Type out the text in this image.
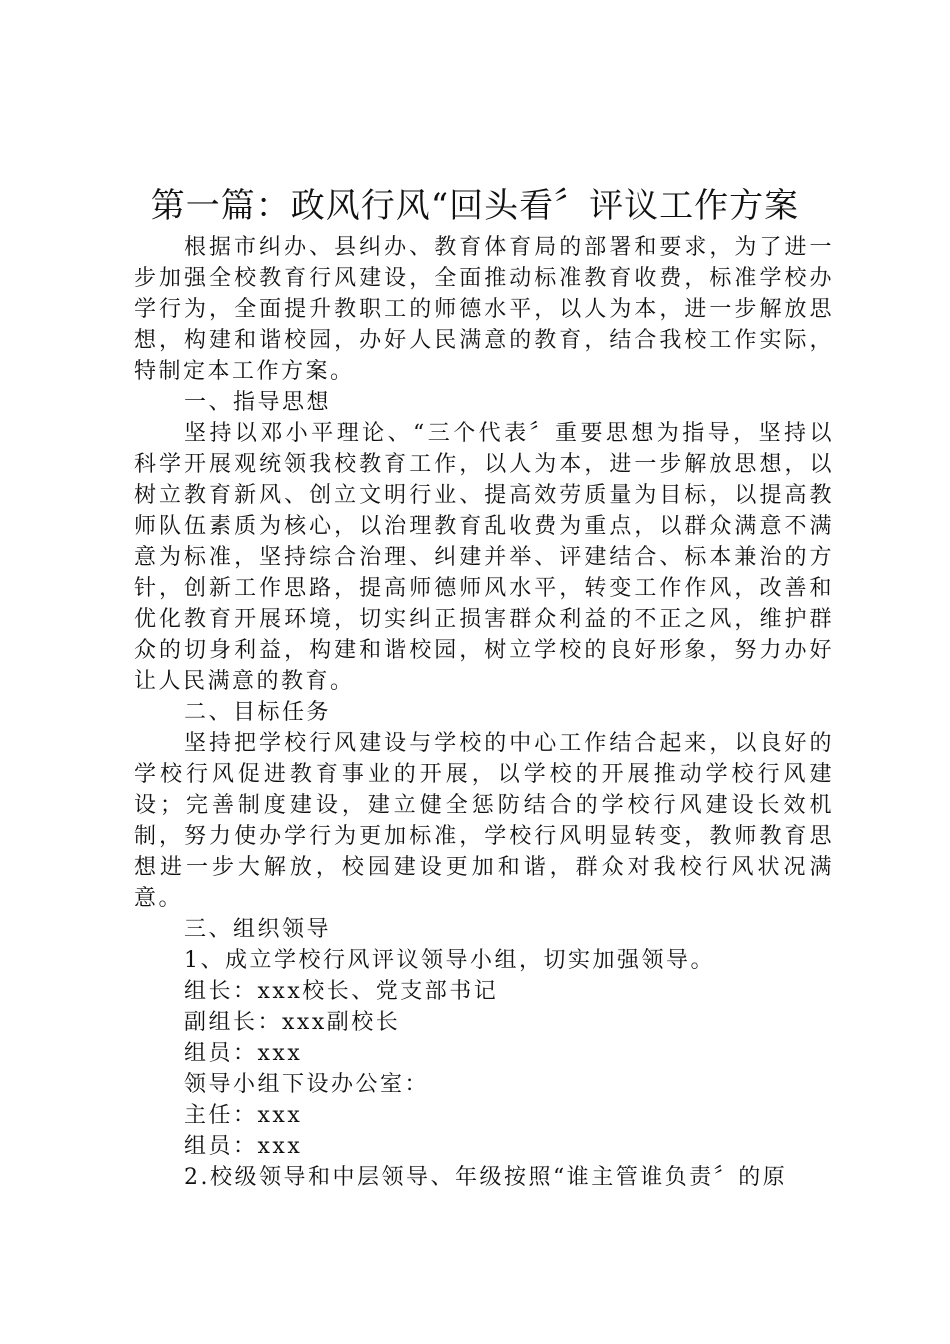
第一篇：政风行风“回头看〞评议工作方案

根据市纠办、县纠办、教育体育局的部署和要求，为了进一步加强全校教育行风建设，全面推动标准教育收费，标准学校办学行为，全面提升教职工的师德水平，以人为本，进一步解放思想，构建和谐校园，办好人民满意的教育，结合我校工作实际，特制定本工作方案。

一、指导思想

坚持以邓小平理论、“三个代表〞重要思想为指导，坚持以科学开展观统领我校教育工作，以人为本，进一步解放思想，以树立教育新风、创立文明行业、提高效劳质量为目标，以提高教师队伍素质为核心，以治理教育乱收费为重点，以群众满意不满意为标准，坚持综合治理、纠建并举、评建结合、标本兼治的方针，创新工作思路，提高师德师风水平，转变工作作风，改善和优化教育开展环境，切实纠正损害群众利益的不正之风，维护群众的切身利益，构建和谐校园，树立学校的良好形象，努力办好让人民满意的教育。

二、目标任务

坚持把学校行风建设与学校的中心工作结合起来，以良好的学校行风促进教育事业的开展，以学校的开展推动学校行风建设；完善制度建设，建立健全惩防结合的学校行风建设长效机制，努力使办学行为更加标准，学校行风明显转变，教师教育思想进一步大解放，校园建设更加和谐，群众对我校行风状况满意。

三、组织领导

1、成立学校行风评议领导小组，切实加强领导。

组长：xxx校长、党支部书记

副组长：xxx副校长

组员：xxx

领导小组下设办公室：

主任：xxx

组员：xxx

2.校级领导和中层领导、年级按照“谁主管谁负责〞的原
